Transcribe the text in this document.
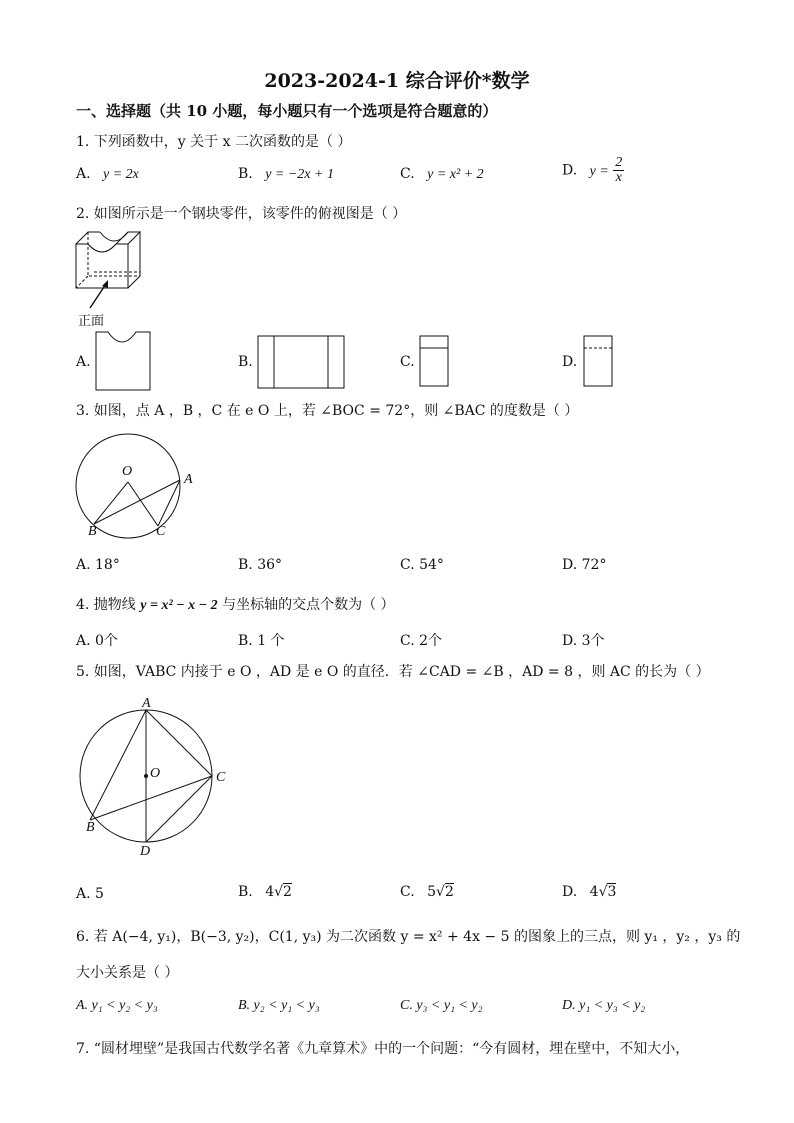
2023-2024-1 综合评价*数学
一、选择题（共 10 小题，每小题只有一个选项是符合题意的）
1. 下列函数中，y 关于 x 二次函数的是（ ）
A. y = 2x	B. y = −2x + 1	C. y = x² + 2	D. $y = \frac{2}{x}$
2. 如图所示是一个钢块零件，该零件的俯视图是（ ）
正面
A.	B.	C.	D.
3. 如图，点 A ，B ，C 在 e O 上，若 ∠BOC = 72°，则 ∠BAC 的度数是（ ）
O
A
B	C
A. 18°	B. 36°	C. 54°	D. 72°
4. 抛物线 y = x² − x − 2 与坐标轴的交点个数为（ ）
A. 0个	B. 1 个	C. 2个	D. 3个
5. 如图，VABC 内接于 e O ，AD 是 e O 的直径．若 ∠CAD = ∠B ，AD = 8 ，则 AC 的长为（ ）
A
O	C
B
D
A. 5	B. 4√2	C. 5√2	D. 4√3
6. 若 A(−4, y₁)，B(−3, y₂)，C(1, y₃) 为二次函数 y = x² + 4x − 5 的图象上的三点，则 y₁ ，y₂ ，y₃ 的
大小关系是（ ）
A. y₁ < y₂ < y₃	B. y₂ < y₁ < y₃	C. y₃ < y₁ < y₂	D. y₁ < y₃ < y₂
7. “圆材埋壁”是我国古代数学名著《九章算术》中的一个问题：“今有圆材，埋在壁中，不知大小，
